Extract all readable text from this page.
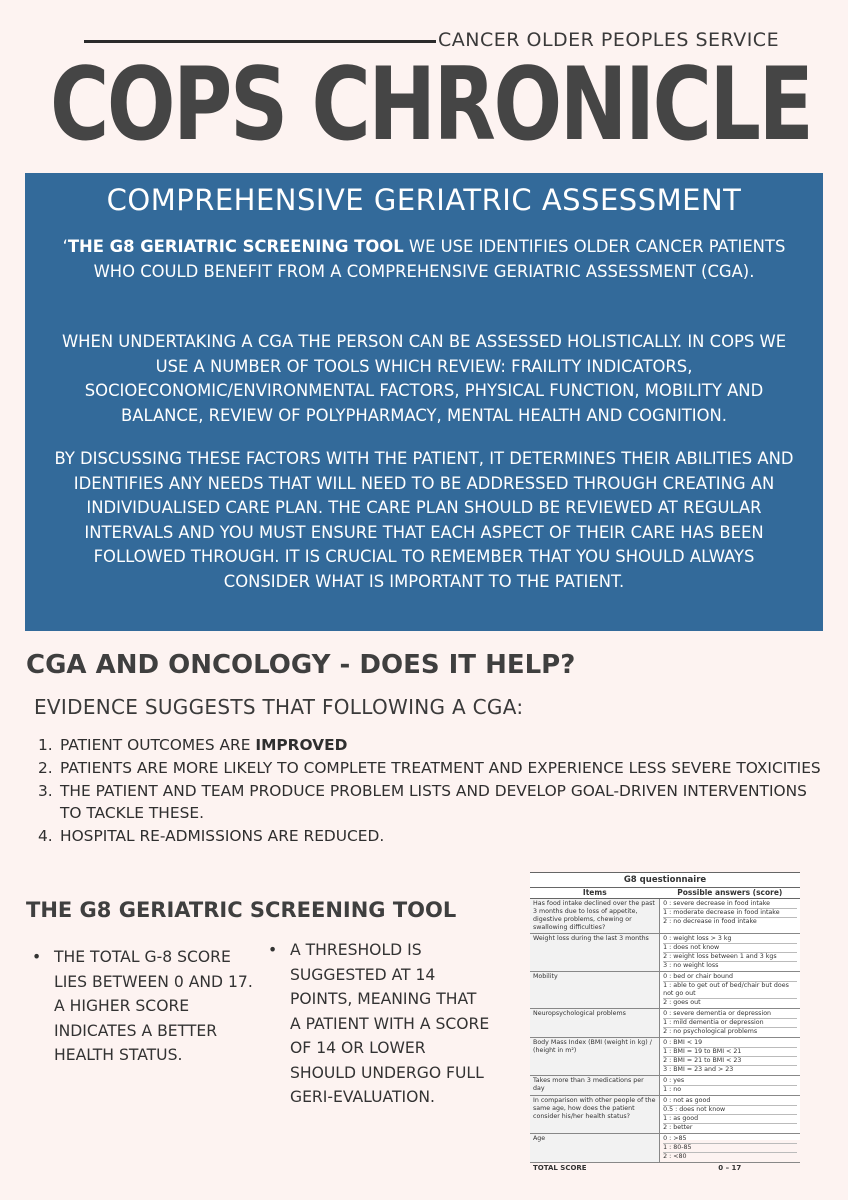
CANCER OLDER PEOPLES SERVICE
COPS CHRONICLE
COMPREHENSIVE GERIATRIC ASSESSMENT

‘THE G8 GERIATRIC SCREENING TOOL WE USE IDENTIFIES OLDER CANCER PATIENTS WHO COULD BENEFIT FROM A COMPREHENSIVE GERIATRIC ASSESSMENT (CGA).

WHEN UNDERTAKING A CGA THE PERSON CAN BE ASSESSED HOLISTICALLY. IN COPS WE USE A NUMBER OF TOOLS WHICH REVIEW: FRAILITY INDICATORS, SOCIOECONOMIC/ENVIRONMENTAL FACTORS, PHYSICAL FUNCTION, MOBILITY AND BALANCE, REVIEW OF POLYPHARMACY, MENTAL HEALTH AND COGNITION.

BY DISCUSSING THESE FACTORS WITH THE PATIENT, IT DETERMINES THEIR ABILITIES AND IDENTIFIES ANY NEEDS THAT WILL NEED TO BE ADDRESSED THROUGH CREATING AN INDIVIDUALISED CARE PLAN. THE CARE PLAN SHOULD BE REVIEWED AT REGULAR INTERVALS AND YOU MUST ENSURE THAT EACH ASPECT OF THEIR CARE HAS BEEN FOLLOWED THROUGH. IT IS CRUCIAL TO REMEMBER THAT YOU SHOULD ALWAYS CONSIDER WHAT IS IMPORTANT TO THE PATIENT.

CGA AND ONCOLOGY - DOES IT HELP?

EVIDENCE SUGGESTS THAT FOLLOWING A CGA:

1. PATIENT OUTCOMES ARE IMPROVED
2. PATIENTS ARE MORE LIKELY TO COMPLETE TREATMENT AND EXPERIENCE LESS SEVERE TOXICITIES
3. THE PATIENT AND TEAM PRODUCE PROBLEM LISTS AND DEVELOP GOAL-DRIVEN INTERVENTIONS TO TACKLE THESE.
4. HOSPITAL RE-ADMISSIONS ARE REDUCED.
THE G8 GERIATRIC SCREENING TOOL
• THE TOTAL G-8 SCORE LIES BETWEEN 0 AND 17. A HIGHER SCORE INDICATES A BETTER HEALTH STATUS.
• A THRESHOLD IS SUGGESTED AT 14 POINTS, MEANING THAT A PATIENT WITH A SCORE OF 14 OR LOWER SHOULD UNDERGO FULL GERI-EVALUATION.
G8 questionnaire
Items	Possible answers (score)
Has food intake declined over the past 3 months due to loss of appetite, digestive problems, chewing or swallowing difficulties?	0 : severe decrease in food intake
1 : moderate decrease in food intake
2 : no decrease in food intake

Weight loss during the last 3 months	0 : weight loss > 3 kg
1 : does not know
2 : weight loss between 1 and 3 kgs
3 : no weight loss

Mobility	0 : bed or chair bound
1 : able to get out of bed/chair but does not go out
2 : goes out

Neuropsychological problems	0 : severe dementia or depression
1 : mild dementia or depression
2 : no psychological problems

Body Mass Index (BMI (weight in kg) / (height in m²)	0 : BMI < 19
1 : BMI = 19 to BMI < 21
2 : BMI = 21 to BMI < 23
3 : BMI = 23 and > 23

Takes more than 3 medications per day	0 : yes
1 : no

In comparison with other people of the same age, how does the patient consider his/her health status?	0 : not as good
0.5 : does not know
1 : as good
2 : better

Age	0 : >85
1 : 80-85
2 : <80

TOTAL SCORE	0 – 17
